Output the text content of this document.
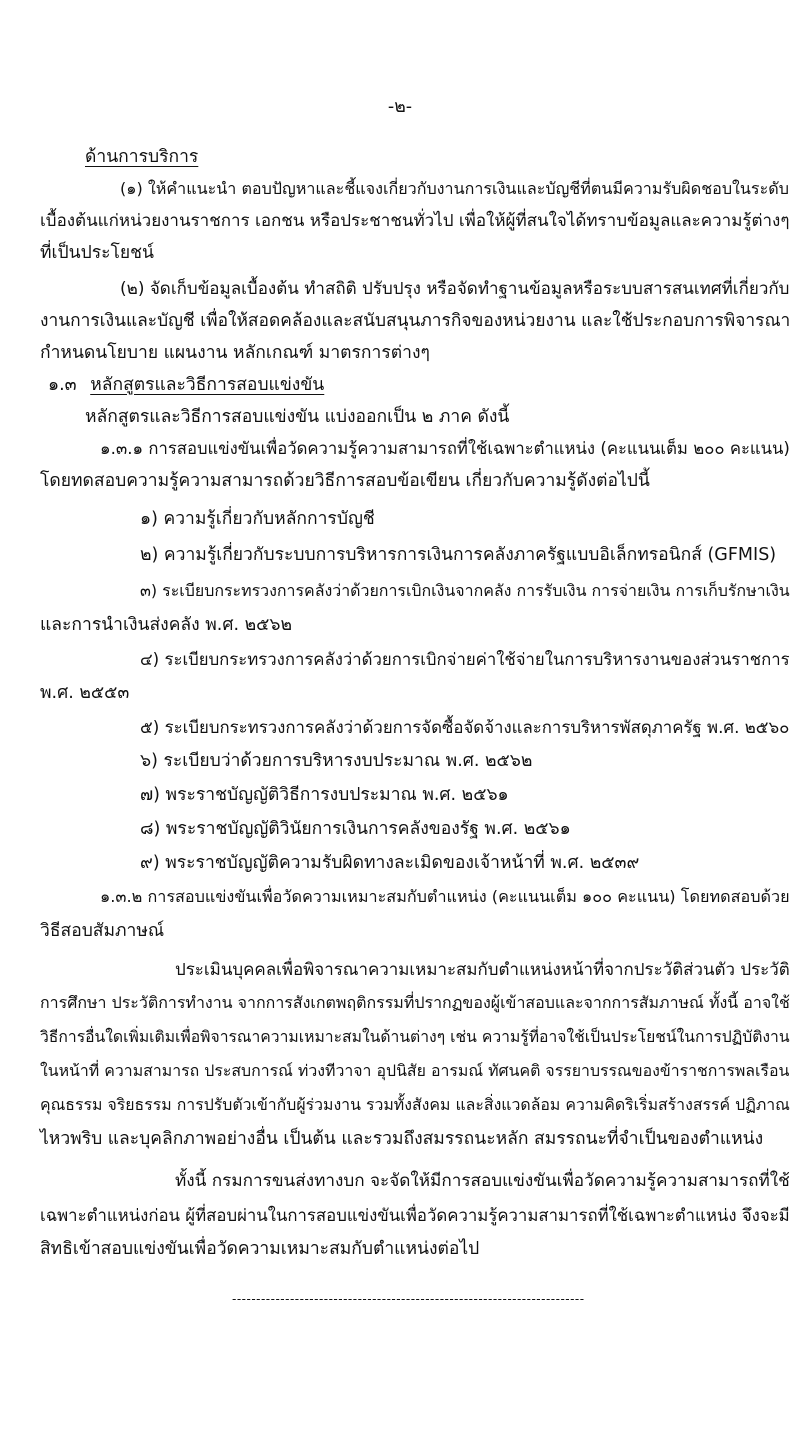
-๒-

ด้านการบริการ

(๑) ให้คำแนะนำ ตอบปัญหาและชี้แจงเกี่ยวกับงานการเงินและบัญชีที่ตนมีความรับผิดชอบในระดับ

เบื้องต้นแก่หน่วยงานราชการ เอกชน หรือประชาชนทั่วไป เพื่อให้ผู้ที่สนใจได้ทราบข้อมูลและความรู้ต่างๆ

ที่เป็นประโยชน์

(๒) จัดเก็บข้อมูลเบื้องต้น ทำสถิติ ปรับปรุง หรือจัดทำฐานข้อมูลหรือระบบสารสนเทศที่เกี่ยวกับ

งานการเงินและบัญชี เพื่อให้สอดคล้องและสนับสนุนภารกิจของหน่วยงาน และใช้ประกอบการพิจารณา

กำหนดนโยบาย แผนงาน หลักเกณฑ์ มาตรการต่างๆ

๑.๓ หลักสูตรและวิธีการสอบแข่งขัน

หลักสูตรและวิธีการสอบแข่งขัน แบ่งออกเป็น ๒ ภาค ดังนี้

๑.๓.๑ การสอบแข่งขันเพื่อวัดความรู้ความสามารถที่ใช้เฉพาะตำแหน่ง (คะแนนเต็ม ๒๐๐ คะแนน)

โดยทดสอบความรู้ความสามารถด้วยวิธีการสอบข้อเขียน เกี่ยวกับความรู้ดังต่อไปนี้

๑) ความรู้เกี่ยวกับหลักการบัญชี

๒) ความรู้เกี่ยวกับระบบการบริหารการเงินการคลังภาครัฐแบบอิเล็กทรอนิกส์ (GFMIS)

๓) ระเบียบกระทรวงการคลังว่าด้วยการเบิกเงินจากคลัง การรับเงิน การจ่ายเงิน การเก็บรักษาเงิน

และการนำเงินส่งคลัง พ.ศ. ๒๕๖๒

๔) ระเบียบกระทรวงการคลังว่าด้วยการเบิกจ่ายค่าใช้จ่ายในการบริหารงานของส่วนราชการ

พ.ศ. ๒๕๕๓

๕) ระเบียบกระทรวงการคลังว่าด้วยการจัดซื้อจัดจ้างและการบริหารพัสดุภาครัฐ พ.ศ. ๒๕๖๐

๖) ระเบียบว่าด้วยการบริหารงบประมาณ พ.ศ. ๒๕๖๒

๗) พระราชบัญญัติวิธีการงบประมาณ พ.ศ. ๒๕๖๑

๘) พระราชบัญญัติวินัยการเงินการคลังของรัฐ พ.ศ. ๒๕๖๑

๙) พระราชบัญญัติความรับผิดทางละเมิดของเจ้าหน้าที่ พ.ศ. ๒๕๓๙

๑.๓.๒ การสอบแข่งขันเพื่อวัดความเหมาะสมกับตำแหน่ง (คะแนนเต็ม ๑๐๐ คะแนน) โดยทดสอบด้วย

วิธีสอบสัมภาษณ์

ประเมินบุคคลเพื่อพิจารณาความเหมาะสมกับตำแหน่งหน้าที่จากประวัติส่วนตัว ประวัติ

การศึกษา ประวัติการทำงาน จากการสังเกตพฤติกรรมที่ปรากฏของผู้เข้าสอบและจากการสัมภาษณ์ ทั้งนี้ อาจใช้

วิธีการอื่นใดเพิ่มเติมเพื่อพิจารณาความเหมาะสมในด้านต่างๆ เช่น ความรู้ที่อาจใช้เป็นประโยชน์ในการปฏิบัติงาน

ในหน้าที่ ความสามารถ ประสบการณ์ ท่วงทีวาจา อุปนิสัย อารมณ์ ทัศนคติ จรรยาบรรณของข้าราชการพลเรือน

คุณธรรม จริยธรรม การปรับตัวเข้ากับผู้ร่วมงาน รวมทั้งสังคม และสิ่งแวดล้อม ความคิดริเริ่มสร้างสรรค์ ปฏิภาณ

ไหวพริบ และบุคลิกภาพอย่างอื่น เป็นต้น และรวมถึงสมรรถนะหลัก สมรรถนะที่จำเป็นของตำแหน่ง

ทั้งนี้ กรมการขนส่งทางบก จะจัดให้มีการสอบแข่งขันเพื่อวัดความรู้ความสามารถที่ใช้

เฉพาะตำแหน่งก่อน ผู้ที่สอบผ่านในการสอบแข่งขันเพื่อวัดความรู้ความสามารถที่ใช้เฉพาะตำแหน่ง จึงจะมี

สิทธิเข้าสอบแข่งขันเพื่อวัดความเหมาะสมกับตำแหน่งต่อไป

-------------------------------------------------------------------------
